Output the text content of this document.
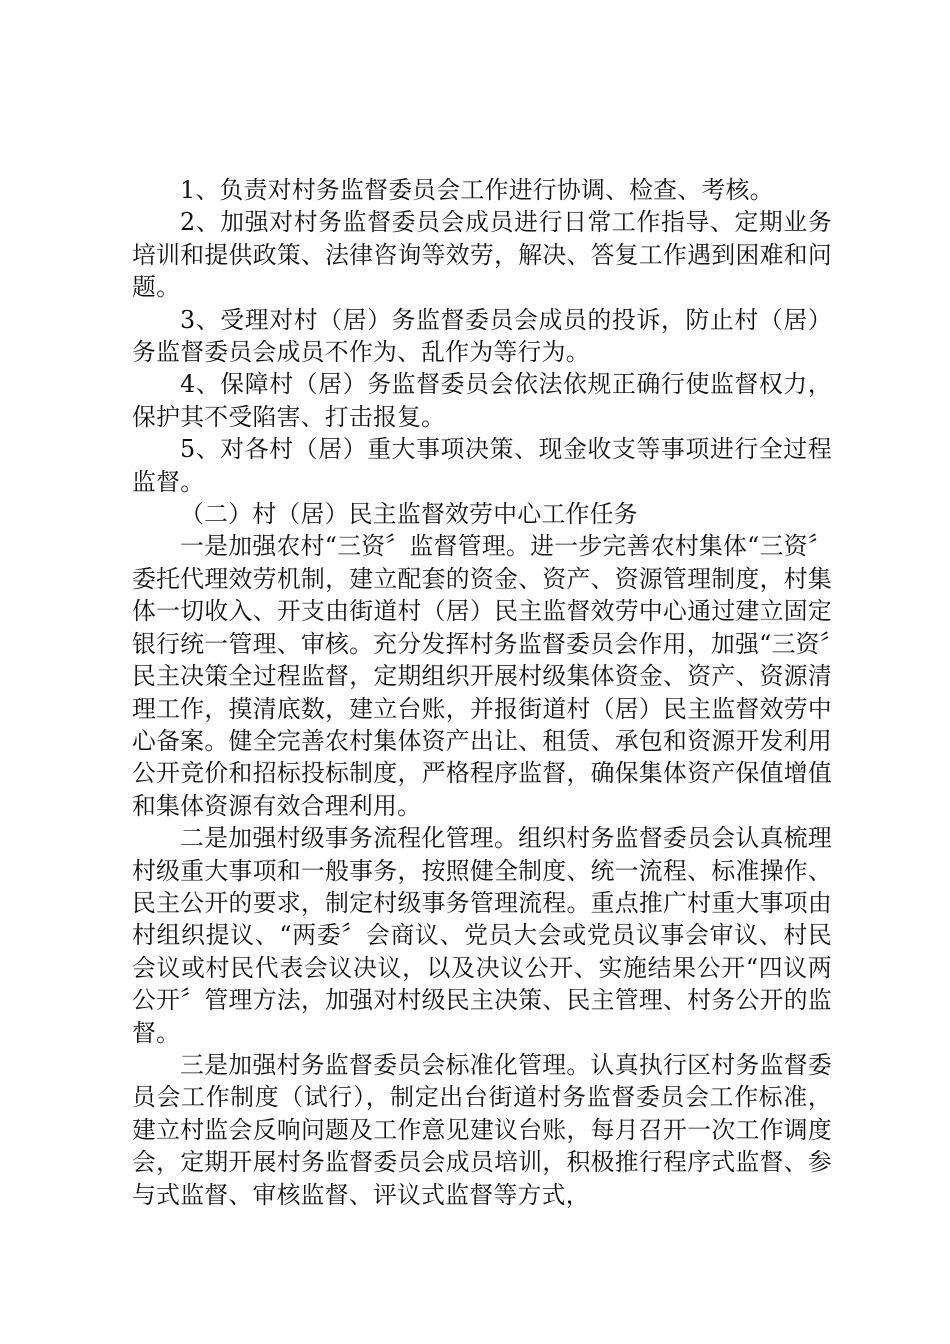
1、负责对村务监督委员会工作进行协调、检查、考核。

2、加强对村务监督委员会成员进行日常工作指导、定期业务培训和提供政策、法律咨询等效劳，解决、答复工作遇到困难和问题。

3、受理对村（居）务监督委员会成员的投诉，防止村（居）务监督委员会成员不作为、乱作为等行为。

4、保障村（居）务监督委员会依法依规正确行使监督权力，保护其不受陷害、打击报复。

5、对各村（居）重大事项决策、现金收支等事项进行全过程监督。

（二）村（居）民主监督效劳中心工作任务

一是加强农村“三资〞监督管理。进一步完善农村集体“三资〞委托代理效劳机制，建立配套的资金、资产、资源管理制度，村集体一切收入、开支由街道村（居）民主监督效劳中心通过建立固定银行统一管理、审核。充分发挥村务监督委员会作用，加强“三资〞民主决策全过程监督，定期组织开展村级集体资金、资产、资源清理工作，摸清底数，建立台账，并报街道村（居）民主监督效劳中心备案。健全完善农村集体资产出让、租赁、承包和资源开发利用公开竞价和招标投标制度，严格程序监督，确保集体资产保值增值和集体资源有效合理利用。

二是加强村级事务流程化管理。组织村务监督委员会认真梳理村级重大事项和一般事务，按照健全制度、统一流程、标准操作、民主公开的要求，制定村级事务管理流程。重点推广村重大事项由村组织提议、“两委〞会商议、党员大会或党员议事会审议、村民会议或村民代表会议决议，以及决议公开、实施结果公开“四议两公开〞管理方法，加强对村级民主决策、民主管理、村务公开的监督。

三是加强村务监督委员会标准化管理。认真执行区村务监督委员会工作制度（试行），制定出台街道村务监督委员会工作标准，建立村监会反响问题及工作意见建议台账，每月召开一次工作调度会，定期开展村务监督委员会成员培训，积极推行程序式监督、参与式监督、审核监督、评议式监督等方式，
